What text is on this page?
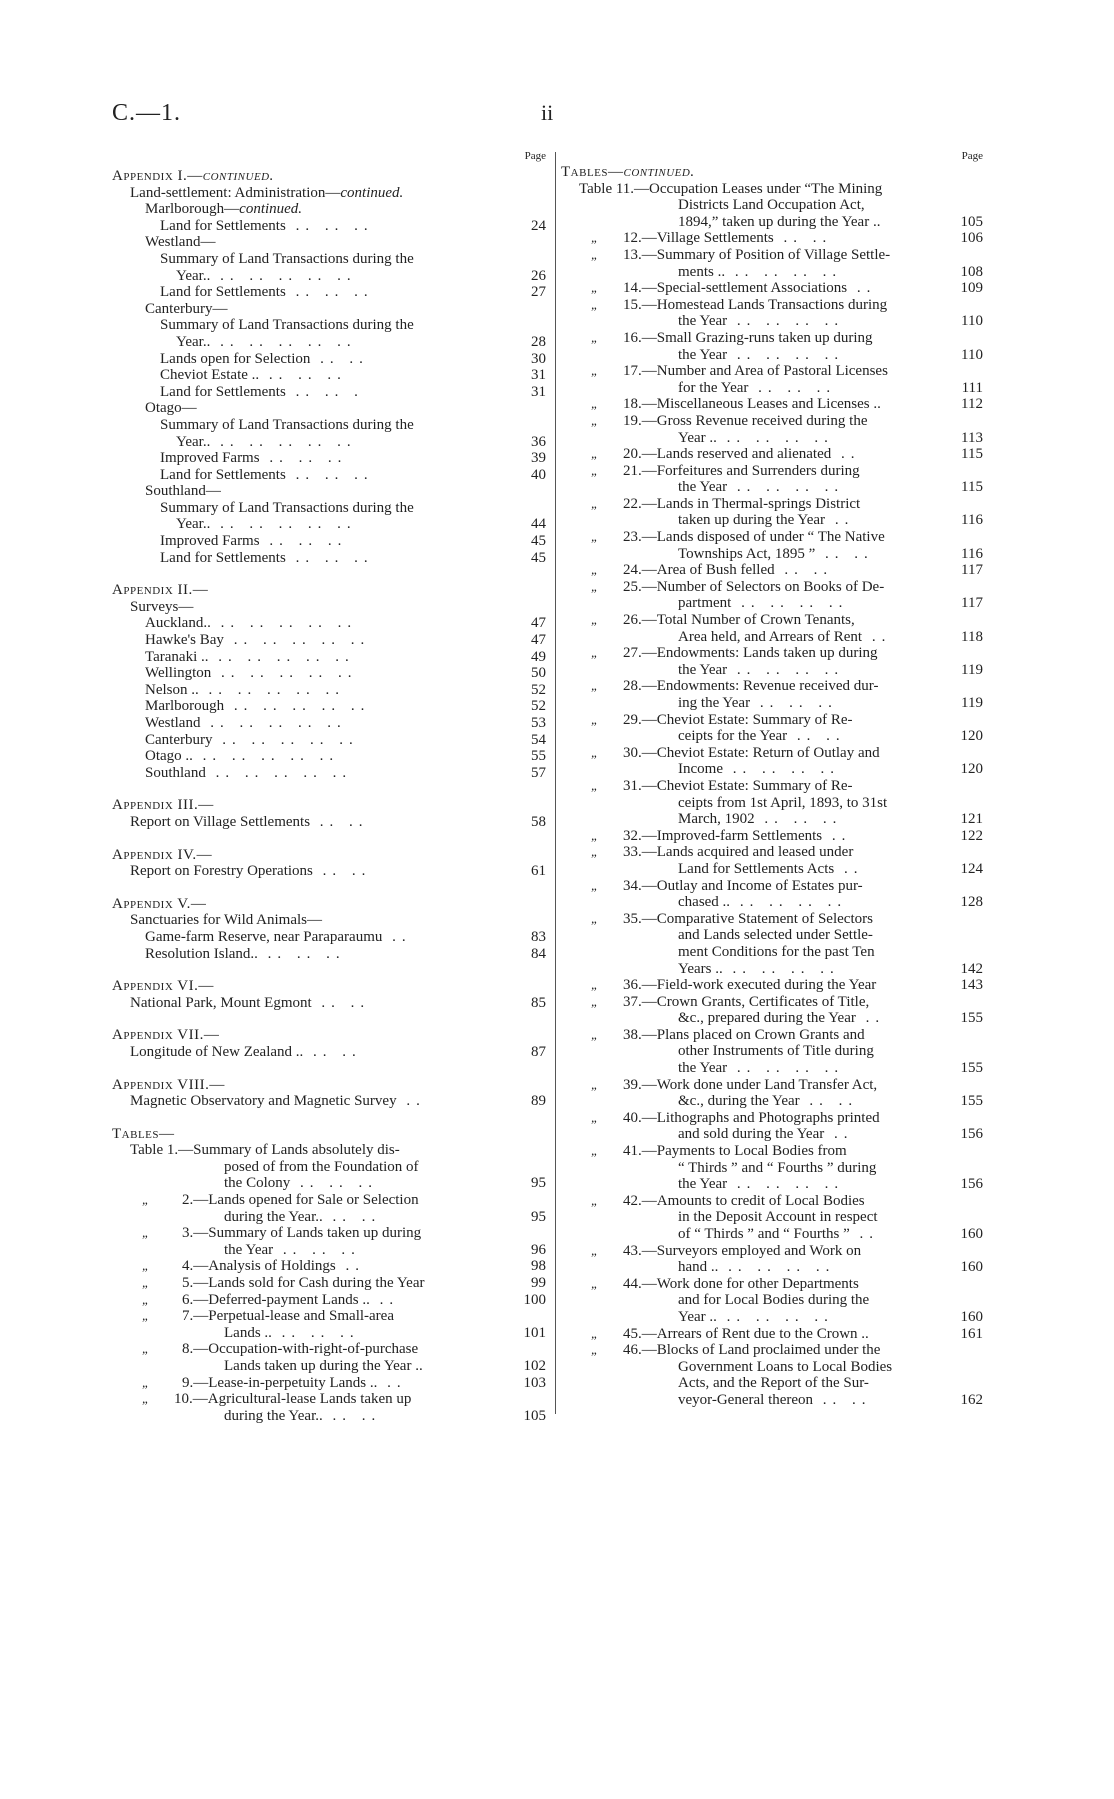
C.—1.	ii
Page	Page
Appendix I.—continued.
Land-settlement: Administration—continued.
Marlborough—continued.
Land for Settlements .. .. ..	24
Westland—
Summary of Land Transactions during the
Year.. .. .. .. .. ..	26
Land for Settlements .. .. ..	27
Canterbury—
Summary of Land Transactions during the
Year.. .. .. .. .. ..	28
Lands open for Selection .. ..	30
Cheviot Estate .. .. .. ..	31
Land for Settlements .. .. .	31
Otago—
Summary of Land Transactions during the
Year.. .. .. .. .. ..	36
Improved Farms .. .. ..	39
Land for Settlements .. .. ..	40
Southland—
Summary of Land Transactions during the
Year.. .. .. .. .. ..	44
Improved Farms .. .. ..	45
Land for Settlements .. .. ..	45
Appendix II.—
Surveys—
Auckland.. .. .. .. .. ..	47
Hawke's Bay .. .. .. .. ..	47
Taranaki .. .. .. .. .. ..	49
Wellington .. .. .. .. ..	50
Nelson .. .. .. .. .. ..	52
Marlborough .. .. .. .. ..	52
Westland .. .. .. .. ..	53
Canterbury .. .. .. .. ..	54
Otago .. .. .. .. .. ..	55
Southland .. .. .. .. ..	57
Appendix III.—
Report on Village Settlements .. ..	58
Appendix IV.—
Report on Forestry Operations .. ..	61
Appendix V.—
Sanctuaries for Wild Animals—
Game-farm Reserve, near Paraparaumu ..	83
Resolution Island.. .. .. ..	84
Appendix VI.—
National Park, Mount Egmont .. ..	85
Appendix VII.—
Longitude of New Zealand .. .. ..	87
Appendix VIII.—
Magnetic Observatory and Magnetic Survey ..	89
Tables—
Table 1.—Summary of Lands absolutely dis-
posed of from the Foundation of
the Colony .. .. ..	95
„ 2.—Lands opened for Sale or Selection
during the Year.. .. ..	95
„ 3.—Summary of Lands taken up during
the Year .. .. ..	96
„ 4.—Analysis of Holdings ..	98
„ 5.—Lands sold for Cash during the Year	99
„ 6.—Deferred-payment Lands .. ..	100
„ 7.—Perpetual-lease and Small-area
Lands .. .. .. ..	101
„ 8.—Occupation-with-right-of-purchase
Lands taken up during the Year ..	102
„ 9.—Lease-in-perpetuity Lands .. ..	103
„ 10.—Agricultural-lease Lands taken up
during the Year.. .. ..	105
Tables—continued.
Table 11.—Occupation Leases under “The Mining
Districts Land Occupation Act,
1894,” taken up during the Year ..	105
„ 12.—Village Settlements .. ..	106
„ 13.—Summary of Position of Village Settle-
ments .. .. .. .. ..	108
„ 14.—Special-settlement Associations ..	109
„ 15.—Homestead Lands Transactions during
the Year .. .. .. ..	110
„ 16.—Small Grazing-runs taken up during
the Year .. .. .. ..	110
„ 17.—Number and Area of Pastoral Licenses
for the Year .. .. ..	111
„ 18.—Miscellaneous Leases and Licenses ..	112
„ 19.—Gross Revenue received during the
Year .. .. .. .. ..	113
„ 20.—Lands reserved and alienated ..	115
„ 21.—Forfeitures and Surrenders during
the Year .. .. .. ..	115
„ 22.—Lands in Thermal-springs District
taken up during the Year ..	116
„ 23.—Lands disposed of under “ The Native
Townships Act, 1895 ” .. ..	116
„ 24.—Area of Bush felled .. ..	117
„ 25.—Number of Selectors on Books of De-
partment .. .. .. ..	117
„ 26.—Total Number of Crown Tenants,
Area held, and Arrears of Rent ..	118
„ 27.—Endowments: Lands taken up during
the Year .. .. .. ..	119
„ 28.—Endowments: Revenue received dur-
ing the Year .. .. ..	119
„ 29.—Cheviot Estate: Summary of Re-
ceipts for the Year .. ..	120
„ 30.—Cheviot Estate: Return of Outlay and
Income .. .. .. ..	120
„ 31.—Cheviot Estate: Summary of Re-
ceipts from 1st April, 1893, to 31st
March, 1902 .. .. ..	121
„ 32.—Improved-farm Settlements ..	122
„ 33.—Lands acquired and leased under
Land for Settlements Acts ..	124
„ 34.—Outlay and Income of Estates pur-
chased .. .. .. .. ..	128
„ 35.—Comparative Statement of Selectors
and Lands selected under Settle-
ment Conditions for the past Ten
Years .. .. .. .. ..	142
„ 36.—Field-work executed during the Year	143
„ 37.—Crown Grants, Certificates of Title,
&c., prepared during the Year ..	155
„ 38.—Plans placed on Crown Grants and
other Instruments of Title during
the Year .. .. .. ..	155
„ 39.—Work done under Land Transfer Act,
&c., during the Year .. ..	155
„ 40.—Lithographs and Photographs printed
and sold during the Year ..	156
„ 41.—Payments to Local Bodies from
“ Thirds ” and “ Fourths ” during
the Year .. .. .. ..	156
„ 42.—Amounts to credit of Local Bodies
in the Deposit Account in respect
of “ Thirds ” and “ Fourths ” ..	160
„ 43.—Surveyors employed and Work on
hand .. .. .. .. ..	160
„ 44.—Work done for other Departments
and for Local Bodies during the
Year .. .. .. .. ..	160
„ 45.—Arrears of Rent due to the Crown ..	161
„ 46.—Blocks of Land proclaimed under the
Government Loans to Local Bodies
Acts, and the Report of the Sur-
veyor-General thereon .. ..	162
